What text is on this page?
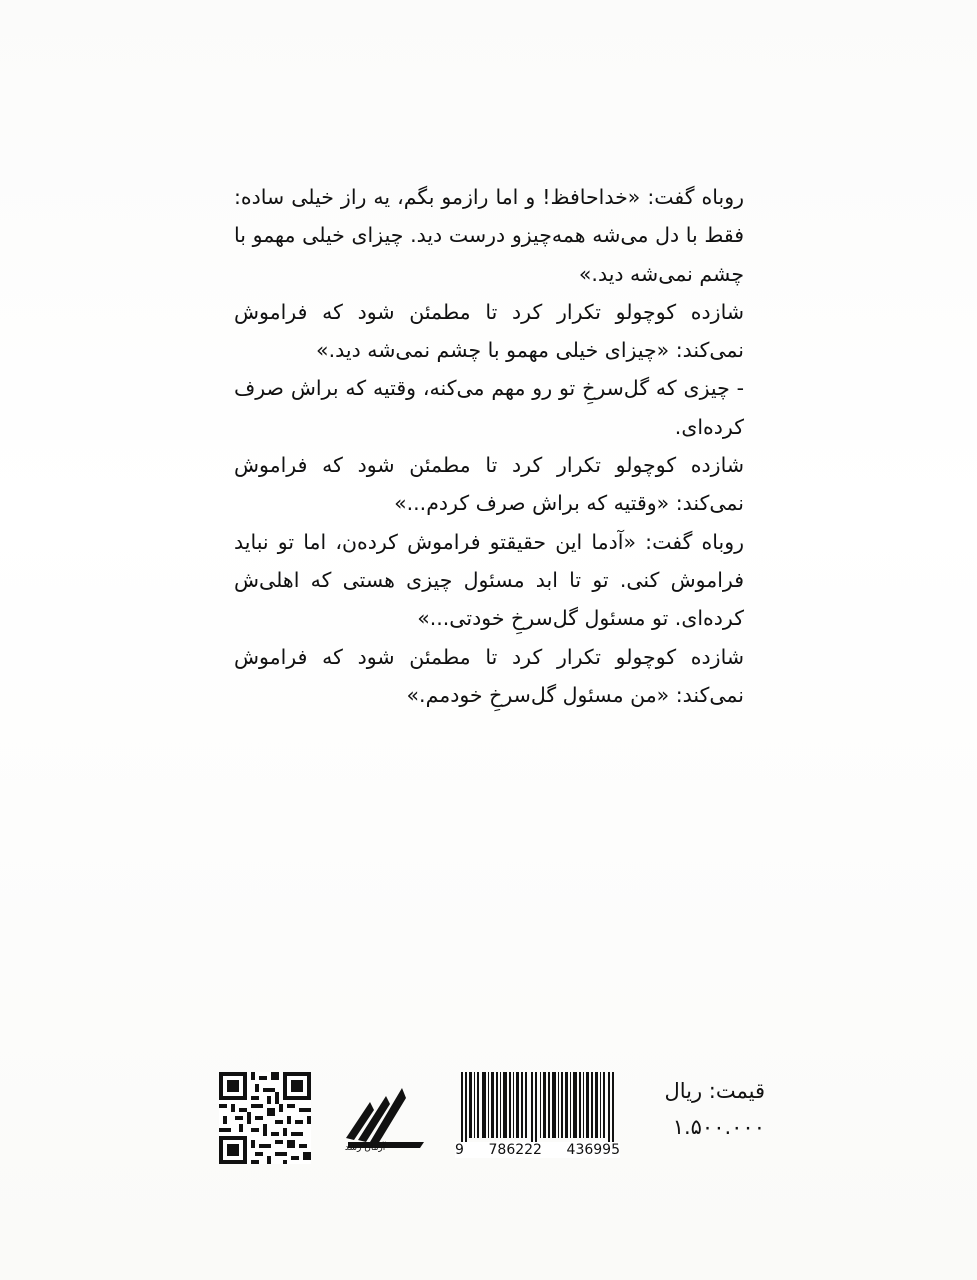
روباه گفت: «خداحافظ! و اما رازمو بگم، یه راز خیلی ساده: فقط با دل می‌شه همه‌چیزو درست دید. چیزای خیلی مهمو با چشم نمی‌شه دید.»

شازده کوچولو تکرار کرد تا مطمئن شود که فراموش نمی‌کند: «چیزای خیلی مهمو با چشم نمی‌شه دید.»

- چیزی که گل‌سرخِ تو رو مهم می‌کنه، وقتیه که براش صرف کرده‌ای.

شازده کوچولو تکرار کرد تا مطمئن شود که فراموش نمی‌کند: «وقتیه که براش صرف کردم...»

روباه گفت: «آدما این حقیقتو فراموش کرده‌ن، اما تو نباید فراموش کنی. تو تا ابد مسئول چیزی هستی که اهلی‌ش کرده‌ای. تو مسئول گل‌سرخِ خودتی...»

شازده کوچولو تکرار کرد تا مطمئن شود که فراموش نمی‌کند: «من مسئول گل‌سرخِ خودمم.»

قیمت: ریال
۱.۵۰۰.۰۰۰
9 786222 436995
آرمان رشد
